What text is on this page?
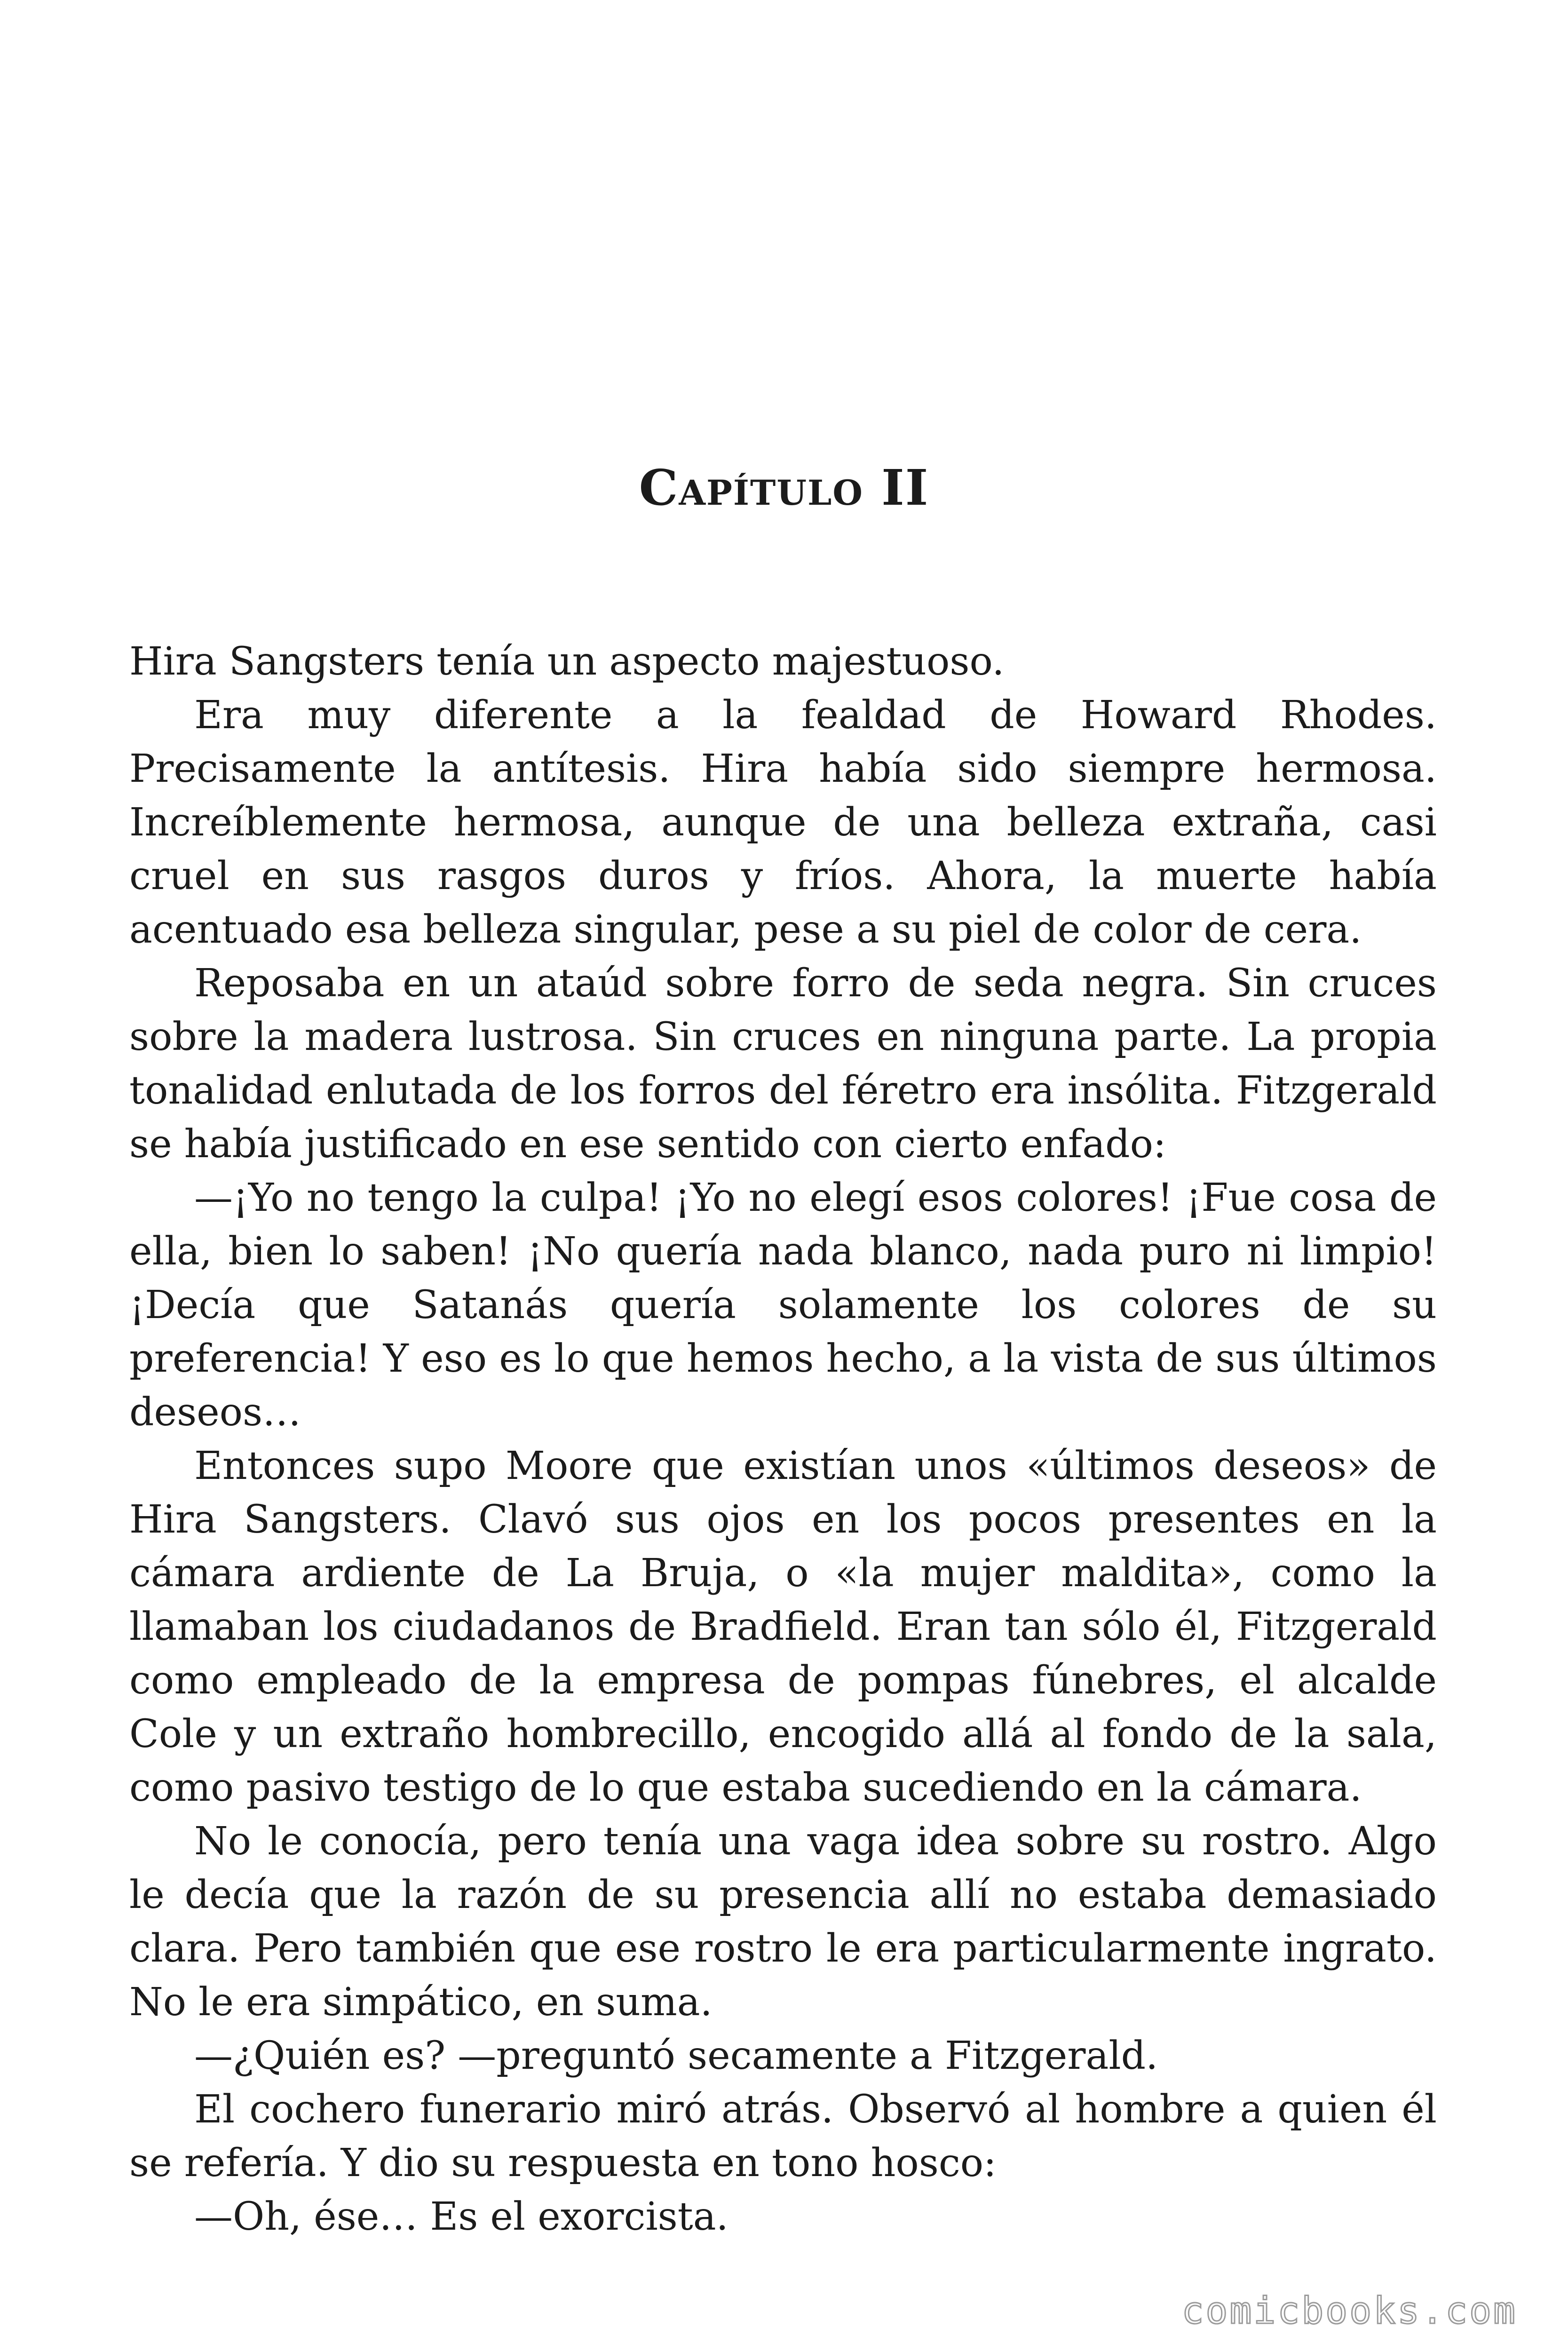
Capítulo II

Hira Sangsters tenía un aspecto majestuoso.

Era muy diferente a la fealdad de Howard Rhodes. Precisamente la antítesis. Hira había sido siempre hermosa. Increíblemente hermosa, aunque de una belleza extraña, casi cruel en sus rasgos duros y fríos. Ahora, la muerte había acentuado esa belleza singular, pese a su piel de color de cera.

Reposaba en un ataúd sobre forro de seda negra. Sin cruces sobre la madera lustrosa. Sin cruces en ninguna parte. La propia tonalidad enlutada de los forros del féretro era insólita. Fitzgerald se había justificado en ese sentido con cierto enfado:

—¡Yo no tengo la culpa! ¡Yo no elegí esos colores! ¡Fue cosa de ella, bien lo saben! ¡No quería nada blanco, nada puro ni limpio! ¡Decía que Satanás quería solamente los colores de su preferencia! Y eso es lo que hemos hecho, a la vista de sus últimos deseos…

Entonces supo Moore que existían unos «últimos deseos» de Hira Sangsters. Clavó sus ojos en los pocos presentes en la cámara ardiente de La Bruja, o «la mujer maldita», como la llamaban los ciudadanos de Bradfield. Eran tan sólo él, Fitzgerald como empleado de la empresa de pompas fúnebres, el alcalde Cole y un extraño hombrecillo, encogido allá al fondo de la sala, como pasivo testigo de lo que estaba sucediendo en la cámara.

No le conocía, pero tenía una vaga idea sobre su rostro. Algo le decía que la razón de su presencia allí no estaba demasiado clara. Pero también que ese rostro le era particularmente ingrato. No le era simpático, en suma.

—¿Quién es? —preguntó secamente a Fitzgerald.

El cochero funerario miró atrás. Observó al hombre a quien él se refería. Y dio su respuesta en tono hosco:

—Oh, ése… Es el exorcista.

comicbooks.com
